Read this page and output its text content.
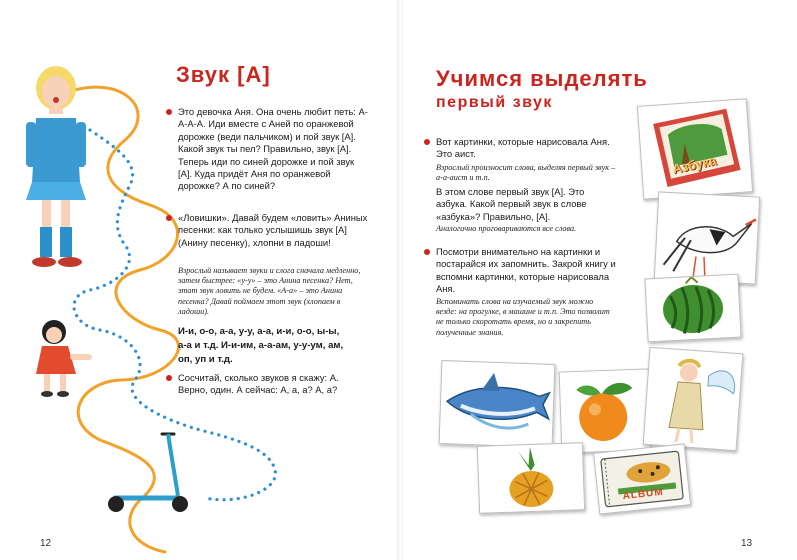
Звук [А]

Это девочка Аня. Она очень любит петь: А-А-А-А. Иди вместе с Аней по оранжевой дорожке (веди пальчиком) и пой звук [А]. Какой звук ты пел? Правильно, звук [А]. Теперь иди по синей дорожке и пой звук [А]. Куда придёт Аня по оранжевой дорожке? А по синей?

«Ловишки». Давай будем «ловить» Аниных песенки: как только услышишь звук [А] (Анину песенку), хлопни в ладоши!

Взрослый называет звуки и слога сначала медленно, затем быстрее: «у-у» – это Анина песенка? Нет, этот звук ловить не будем. «А-а» – это Анина песенка? Давай поймаем этот звук (хлопаем в ладоши).

И-и, о-о, а-а, у-у, а-а, и-и, о-о, ы-ы,

а-а и т.д. И-и-им, а-а-ам, у-у-ум, ам,

оп, уп и т.д.

Сосчитай, сколько звуков я скажу: А. Верно, один. А сейчас: А, а, а? А, а?

12
Учимся выделять
первый звук

Вот картинки, которые нарисовала Аня. Это аист.

Взрослый произносит слова, выделяя первый звук – а-а-аист и т.п.

В этом слове первый звук [А]. Это азбука. Какой первый звук в слове «азбука»? Правильно, [А].

Аналогично проговариваются все слова.

Посмотри внимательно на картинки и постарайся их запомнить. Закрой книгу и вспомни картинки, которые нарисовала Аня.

Вспоминать слова на изучаемый звук можно везде: на прогулке, в машине и т.п. Это позволит не только скоротать время, но и закрепить полученные знания.

13
Азбука
ALBUM
